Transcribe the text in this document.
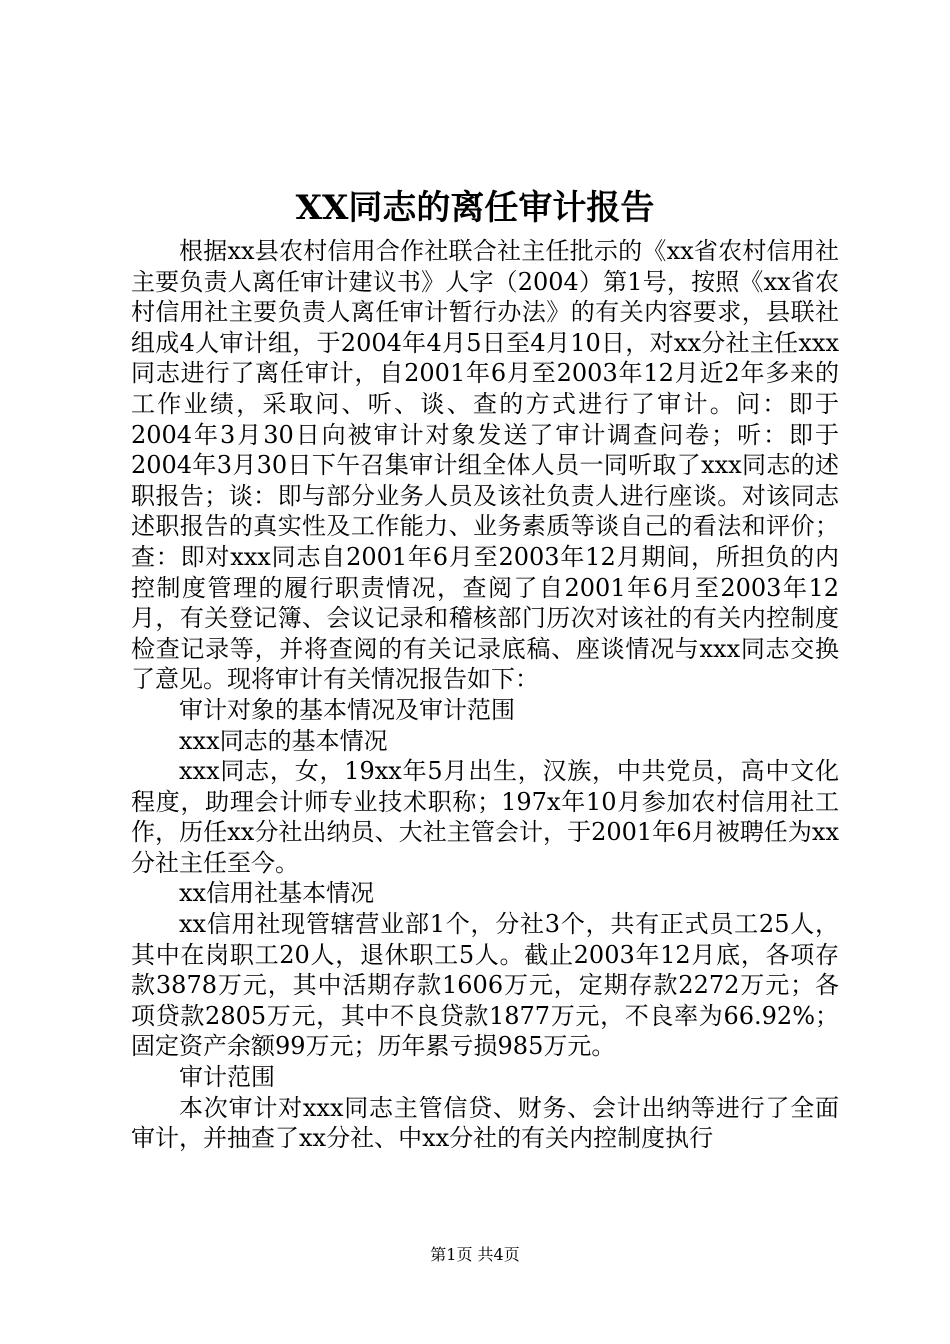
XX同志的离任审计报告

根据xx县农村信用合作社联合社主任批示的《xx省农村信用社主要负责人离任审计建议书》人字（2004）第1号，按照《xx省农村信用社主要负责人离任审计暂行办法》的有关内容要求，县联社组成4人审计组，于2004年4月5日至4月10日，对xx分社主任xxx同志进行了离任审计，自2001年6月至2003年12月近2年多来的工作业绩，采取问、听、谈、查的方式进行了审计。问：即于2004年3月30日向被审计对象发送了审计调查问卷；听：即于2004年3月30日下午召集审计组全体人员一同听取了xxx同志的述职报告；谈：即与部分业务人员及该社负责人进行座谈。对该同志述职报告的真实性及工作能力、业务素质等谈自己的看法和评价；查：即对xxx同志自2001年6月至2003年12月期间，所担负的内控制度管理的履行职责情况，查阅了自2001年6月至2003年12月，有关登记簿、会议记录和稽核部门历次对该社的有关内控制度检查记录等，并将查阅的有关记录底稿、座谈情况与xxx同志交换了意见。现将审计有关情况报告如下：

审计对象的基本情况及审计范围

xxx同志的基本情况

xxx同志，女，19xx年5月出生，汉族，中共党员，高中文化程度，助理会计师专业技术职称；197x年10月参加农村信用社工作，历任xx分社出纳员、大社主管会计，于2001年6月被聘任为xx分社主任至今。

xx信用社基本情况

xx信用社现管辖营业部1个，分社3个，共有正式员工25人，其中在岗职工20人，退休职工5人。截止2003年12月底，各项存款3878万元，其中活期存款1606万元，定期存款2272万元；各项贷款2805万元，其中不良贷款1877万元，不良率为66.92%；固定资产余额99万元；历年累亏损985万元。

审计范围

本次审计对xxx同志主管信贷、财务、会计出纳等进行了全面审计，并抽查了xx分社、中xx分社的有关内控制度执行

第1页 共4页
